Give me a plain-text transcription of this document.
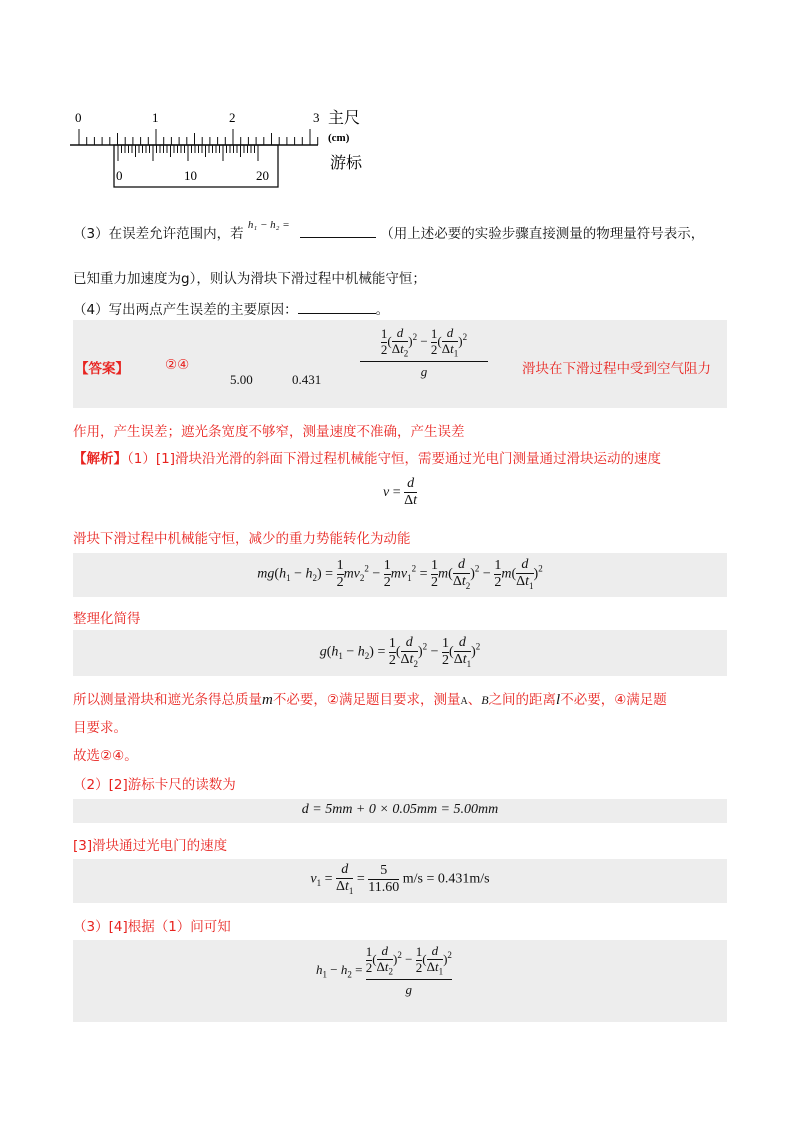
0	1	2	3 主尺
(cm)
游标
0	10	20
（3）在误差允许范围内，若 $^{h_1 - h_2 =}$  （用上述必要的实验步骤直接测量的物理量符号表示，
已知重力加速度为g），则认为滑块下滑过程中机械能守恒；
（4）写出两点产生误差的主要原因：	。
【答案】	②④
5.00	0.431
$\frac{1}{2}$ ( $\frac{d}{\Delta t_2} )^2 - \frac{1}{2}$ ( $\frac{d}{\Delta t_1} )^2$
g	滑块在下滑过程中受到空气阻力
作用，产生误差；遮光条宽度不够窄，测量速度不准确，产生误差
【解析】（1）[1]滑块沿光滑的斜面下滑过程机械能守恒，需要通过光电门测量通过滑块运动的速度
$v = \frac{d}{\Delta t}$
滑块下滑过程中机械能守恒，减少的重力势能转化为动能
$mg(h_1 - h_2) = \frac{1}{2} mv_2^2 - \frac{1}{2} mv_1^2 = \frac{1}{2} m( \frac{d}{\Delta t_2} )^2 - \frac{1}{2} m( \frac{d}{\Delta t_1} )^2$
整理化简得
$g(h_1 - h_2) = \frac{1}{2}$ ( $\frac{d}{\Delta t_2} )^2 - \frac{1}{2}$ ( $\frac{d}{\Delta t_1} )^2$
所以测量滑块和遮光条得总质量m不必要，②满足题目要求，测量A、B之间的距离l不必要，④满足题
目要求。
故选②④。
（2）[2]游标卡尺的读数为
d = 5mm + 0 × 0.05mm = 5.00mm
[3]滑块通过光电门的速度
$v_1 = \frac{d}{\Delta t_1} = \frac{5}{11.60} m/s = 0.431m/s$
（3）[4]根据（1）问可知
$h_1 - h_2 = \frac{1}{2}$ ( $\frac{d}{\Delta t_2} )^2 - \frac{1}{2}$ ( $\frac{d}{\Delta t_1} )^2$
g
